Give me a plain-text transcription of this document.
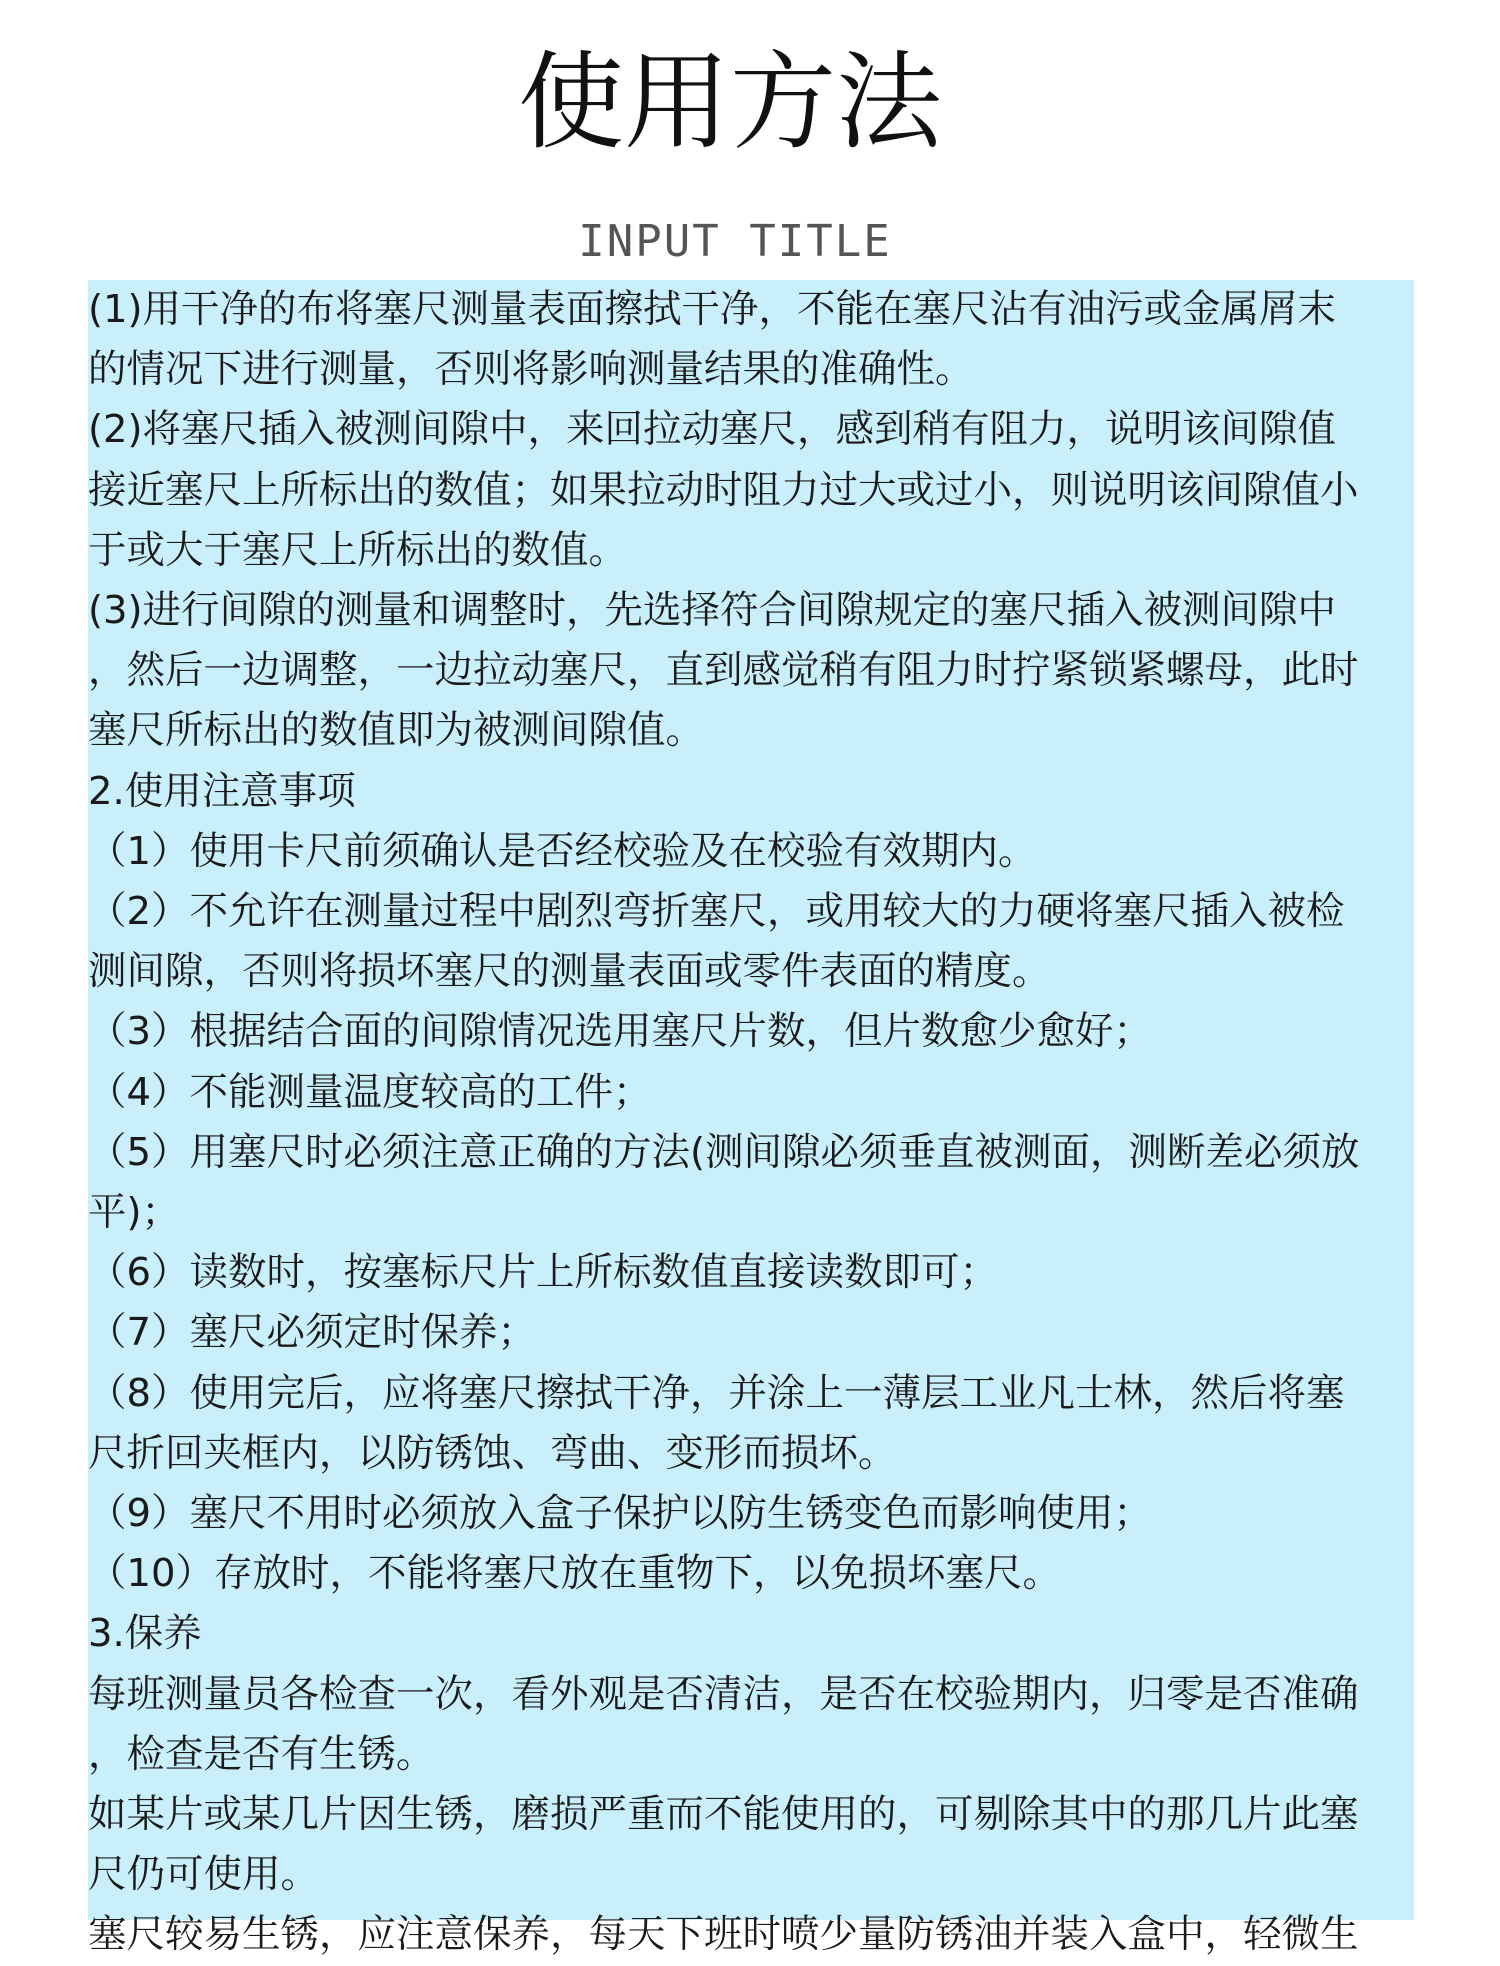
使用方法
INPUT TITLE

(1)用干净的布将塞尺测量表面擦拭干净，不能在塞尺沾有油污或金属屑末

的情况下进行测量，否则将影响测量结果的准确性。

(2)将塞尺插入被测间隙中，来回拉动塞尺，感到稍有阻力，说明该间隙值

接近塞尺上所标出的数值；如果拉动时阻力过大或过小，则说明该间隙值小

于或大于塞尺上所标出的数值。

(3)进行间隙的测量和调整时，先选择符合间隙规定的塞尺插入被测间隙中

，然后一边调整，一边拉动塞尺，直到感觉稍有阻力时拧紧锁紧螺母，此时

塞尺所标出的数值即为被测间隙值。

2.使用注意事项

（1）使用卡尺前须确认是否经校验及在校验有效期内。

（2）不允许在测量过程中剧烈弯折塞尺，或用较大的力硬将塞尺插入被检

测间隙，否则将损坏塞尺的测量表面或零件表面的精度。

（3）根据结合面的间隙情况选用塞尺片数，但片数愈少愈好；

（4）不能测量温度较高的工件；

（5）用塞尺时必须注意正确的方法(测间隙必须垂直被测面，测断差必须放

平)；

（6）读数时，按塞标尺片上所标数值直接读数即可；

（7）塞尺必须定时保养；

（8）使用完后，应将塞尺擦拭干净，并涂上一薄层工业凡士林，然后将塞

尺折回夹框内，以防锈蚀、弯曲、变形而损坏。

（9）塞尺不用时必须放入盒子保护以防生锈变色而影响使用；

（10）存放时，不能将塞尺放在重物下，以免损坏塞尺。

3.保养

每班测量员各检查一次，看外观是否清洁，是否在校验期内，归零是否准确

，检查是否有生锈。

如某片或某几片因生锈，磨损严重而不能使用的，可剔除其中的那几片此塞

尺仍可使用。

塞尺较易生锈，应注意保养，每天下班时喷少量防锈油并装入盒中，轻微生
